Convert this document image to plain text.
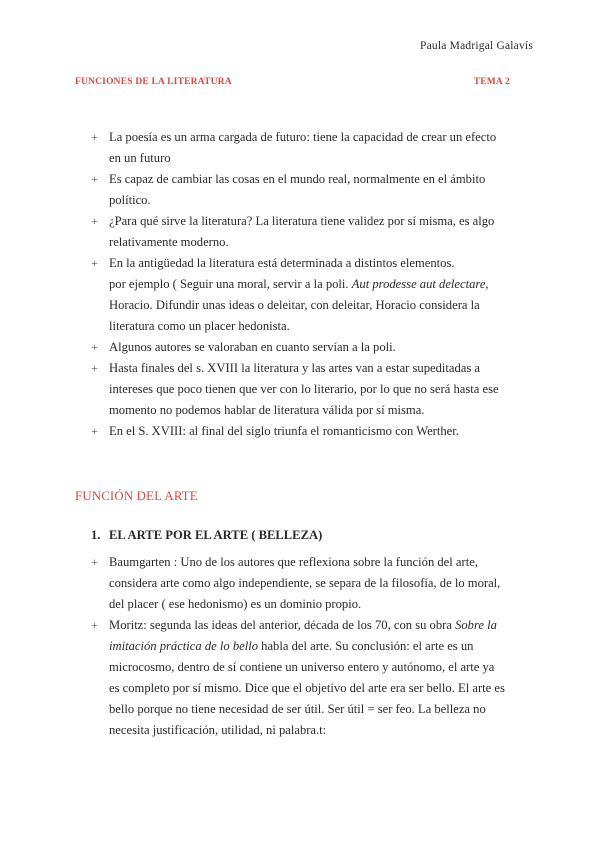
Paula Madrigal Galavís
FUNCIONES DE LA LITERATURA	TEMA 2
+ La poesía es un arma cargada de futuro: tiene la capacidad de crear un efecto
en un futuro
+ Es capaz de cambiar las cosas en el mundo real, normalmente en el ámbito
político.
+ ¿Para qué sirve la literatura? La literatura tiene validez por sí misma, es algo
relativamente moderno.
+ En la antigüedad la literatura está determinada a distintos elementos.
por ejemplo ( Seguir una moral, servir a la poli. Aut prodesse aut delectare,
Horacio. Difundir unas ideas o deleitar, con deleitar, Horacio considera la
literatura como un placer hedonista.
+ Algunos autores se valoraban en cuanto servían a la poli.
+ Hasta finales del s. XVIII la literatura y las artes van a estar supeditadas a
intereses que poco tienen que ver con lo literario, por lo que no será hasta ese
momento no podemos hablar de literatura válida por sí misma.
+ En el S. XVIII: al final del siglo triunfa el romanticismo con Werther.
FUNCIÓN DEL ARTE
1. EL ARTE POR EL ARTE ( BELLEZA)
+ Baumgarten : Uno de los autores que reflexiona sobre la función del arte,
considera arte como algo independiente, se separa de la filosofía, de lo moral,
del placer ( ese hedonismo) es un dominio propio.
+ Moritz: segunda las ideas del anterior, década de los 70, con su obra Sobre la
imitación práctica de lo bello habla del arte. Su conclusión: el arte es un
microcosmo, dentro de sí contiene un universo entero y autónomo, el arte ya
es completo por sí mismo. Dice que el objetivo del arte era ser bello. El arte es
bello porque no tiene necesidad de ser útil. Ser útil = ser feo. La belleza no
necesita justificación, utilidad, ni palabra.t:
